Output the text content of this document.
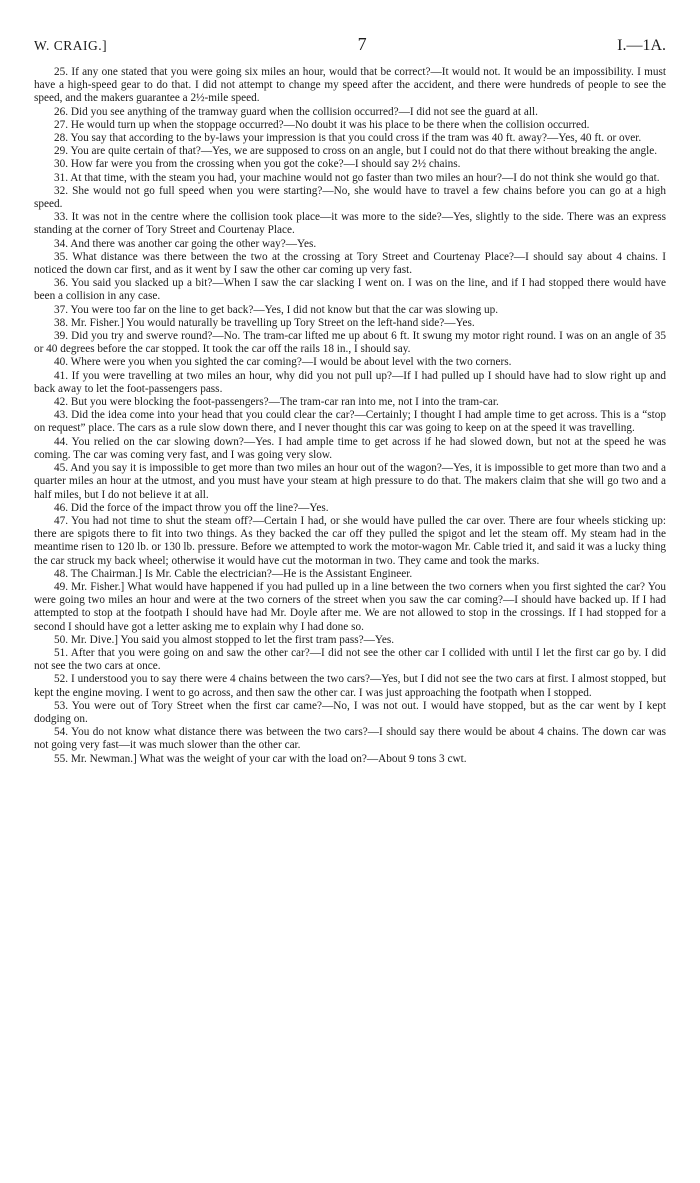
W. CRAIG.]	7	I.—1A.

25. If any one stated that you were going six miles an hour, would that be correct?—It would not. It would be an impossibility. I must have a high-speed gear to do that. I did not attempt to change my speed after the accident, and there were hundreds of people to see the speed, and the makers guarantee a 2½-mile speed.

26. Did you see anything of the tramway guard when the collision occurred?—I did not see the guard at all.

27. He would turn up when the stoppage occurred?—No doubt it was his place to be there when the collision occurred.

28. You say that according to the by-laws your impression is that you could cross if the tram was 40 ft. away?—Yes, 40 ft. or over.

29. You are quite certain of that?—Yes, we are supposed to cross on an angle, but I could not do that there without breaking the angle.

30. How far were you from the crossing when you got the coke?—I should say 2½ chains.

31. At that time, with the steam you had, your machine would not go faster than two miles an hour?—I do not think she would go that.

32. She would not go full speed when you were starting?—No, she would have to travel a few chains before you can go at a high speed.

33. It was not in the centre where the collision took place—it was more to the side?—Yes, slightly to the side. There was an express standing at the corner of Tory Street and Courtenay Place.

34. And there was another car going the other way?—Yes.

35. What distance was there between the two at the crossing at Tory Street and Courtenay Place?—I should say about 4 chains. I noticed the down car first, and as it went by I saw the other car coming up very fast.

36. You said you slacked up a bit?—When I saw the car slacking I went on. I was on the line, and if I had stopped there would have been a collision in any case.

37. You were too far on the line to get back?—Yes, I did not know but that the car was slowing up.

38. Mr. Fisher.] You would naturally be travelling up Tory Street on the left-hand side?—Yes.

39. Did you try and swerve round?—No. The tram-car lifted me up about 6 ft. It swung my motor right round. I was on an angle of 35 or 40 degrees before the car stopped. It took the car off the rails 18 in., I should say.

40. Where were you when you sighted the car coming?—I would be about level with the two corners.

41. If you were travelling at two miles an hour, why did you not pull up?—If I had pulled up I should have had to slow right up and back away to let the foot-passengers pass.

42. But you were blocking the foot-passengers?—The tram-car ran into me, not I into the tram-car.

43. Did the idea come into your head that you could clear the car?—Certainly; I thought I had ample time to get across. This is a “stop on request” place. The cars as a rule slow down there, and I never thought this car was going to keep on at the speed it was travelling.

44. You relied on the car slowing down?—Yes. I had ample time to get across if he had slowed down, but not at the speed he was coming. The car was coming very fast, and I was going very slow.

45. And you say it is impossible to get more than two miles an hour out of the wagon?—Yes, it is impossible to get more than two and a quarter miles an hour at the utmost, and you must have your steam at high pressure to do that. The makers claim that she will go two and a half miles, but I do not believe it at all.

46. Did the force of the impact throw you off the line?—Yes.

47. You had not time to shut the steam off?—Certain I had, or she would have pulled the car over. There are four wheels sticking up: there are spigots there to fit into two things. As they backed the car off they pulled the spigot and let the steam off. My steam had in the meantime risen to 120 lb. or 130 lb. pressure. Before we attempted to work the motor-wagon Mr. Cable tried it, and said it was a lucky thing the car struck my back wheel; otherwise it would have cut the motorman in two. They came and took the marks.

48. The Chairman.] Is Mr. Cable the electrician?—He is the Assistant Engineer.

49. Mr. Fisher.] What would have happened if you had pulled up in a line between the two corners when you first sighted the car? You were going two miles an hour and were at the two corners of the street when you saw the car coming?—I should have backed up. If I had attempted to stop at the footpath I should have had Mr. Doyle after me. We are not allowed to stop in the crossings. If I had stopped for a second I should have got a letter asking me to explain why I had done so.

50. Mr. Dive.] You said you almost stopped to let the first tram pass?—Yes.

51. After that you were going on and saw the other car?—I did not see the other car I collided with until I let the first car go by. I did not see the two cars at once.

52. I understood you to say there were 4 chains between the two cars?—Yes, but I did not see the two cars at first. I almost stopped, but kept the engine moving. I went to go across, and then saw the other car. I was just approaching the footpath when I stopped.

53. You were out of Tory Street when the first car came?—No, I was not out. I would have stopped, but as the car went by I kept dodging on.

54. You do not know what distance there was between the two cars?—I should say there would be about 4 chains. The down car was not going very fast—it was much slower than the other car.

55. Mr. Newman.] What was the weight of your car with the load on?—About 9 tons 3 cwt.
